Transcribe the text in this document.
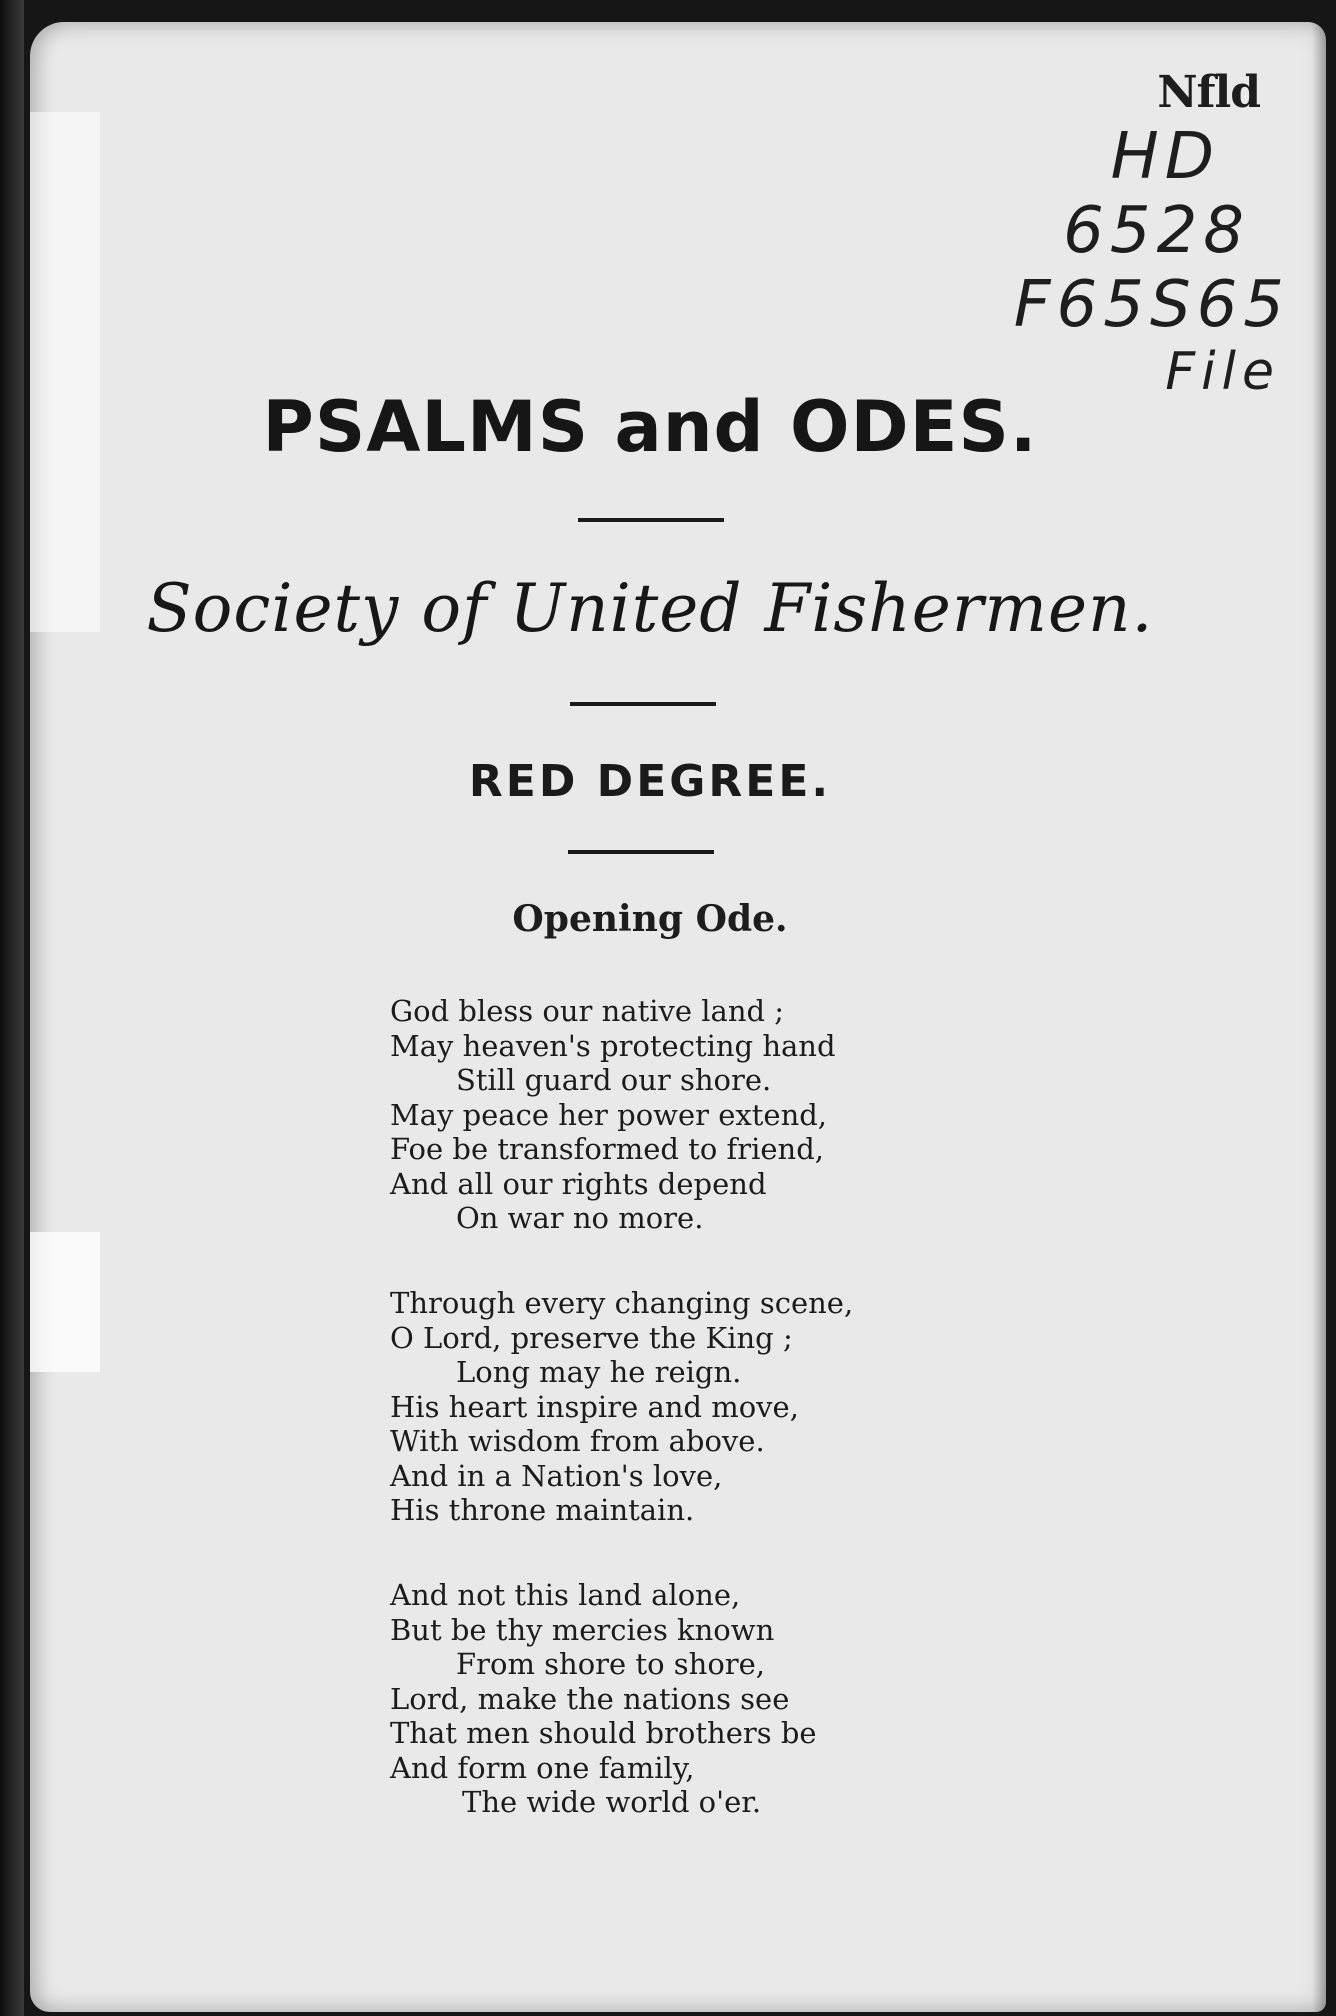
Nfld
HD
6528
F65S65
File
PSALMS and ODES.
Society of United Fishermen.
RED DEGREE.
Opening Ode.
God bless our native land ;
May heaven's protecting hand
Still guard our shore.
May peace her power extend,
Foe be transformed to friend,
And all our rights depend
On war no more.
Through every changing scene,
O Lord, preserve the King ;
Long may he reign.
His heart inspire and move,
With wisdom from above.
And in a Nation's love,
His throne maintain.
And not this land alone,
But be thy mercies known
From shore to shore,
Lord, make the nations see
That men should brothers be
And form one family,
The wide world o'er.
